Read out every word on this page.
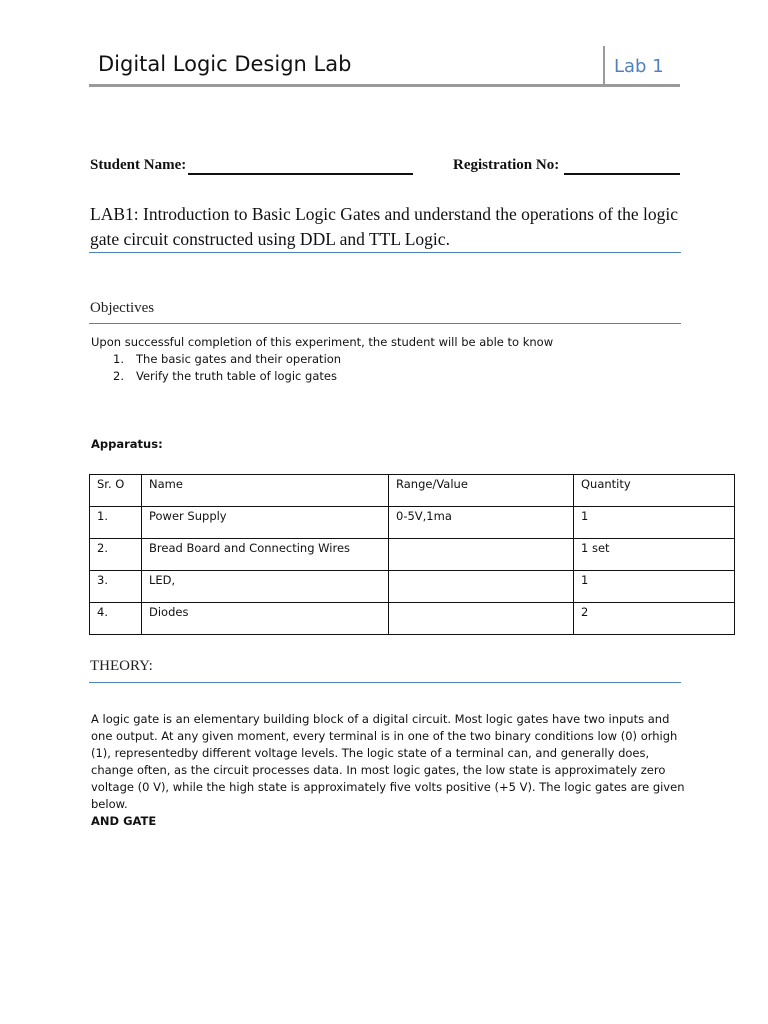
Digital Logic Design Lab	Lab 1
Student Name:	Registration No:
LAB1: Introduction to Basic Logic Gates and understand the operations of the logic gate circuit constructed using DDL and TTL Logic.
Objectives
Upon successful completion of this experiment, the student will be able to know
1. The basic gates and their operation
2. Verify the truth table of logic gates
Apparatus:
Sr. O	Name	Range/Value	Quantity
1.	Power Supply	0-5V,1ma	1
2.	Bread Board and Connecting Wires		1 set
3.	LED,		1
4.	Diodes		2
THEORY:
A logic gate is an elementary building block of a digital circuit. Most logic gates have two inputs and one output. At any given moment, every terminal is in one of the two binary conditions low (0) orhigh (1), representedby different voltage levels. The logic state of a terminal can, and generally does, change often, as the circuit processes data. In most logic gates, the low state is approximately zero voltage (0 V), while the high state is approximately five volts positive (+5 V). The logic gates are given below.
AND GATE
